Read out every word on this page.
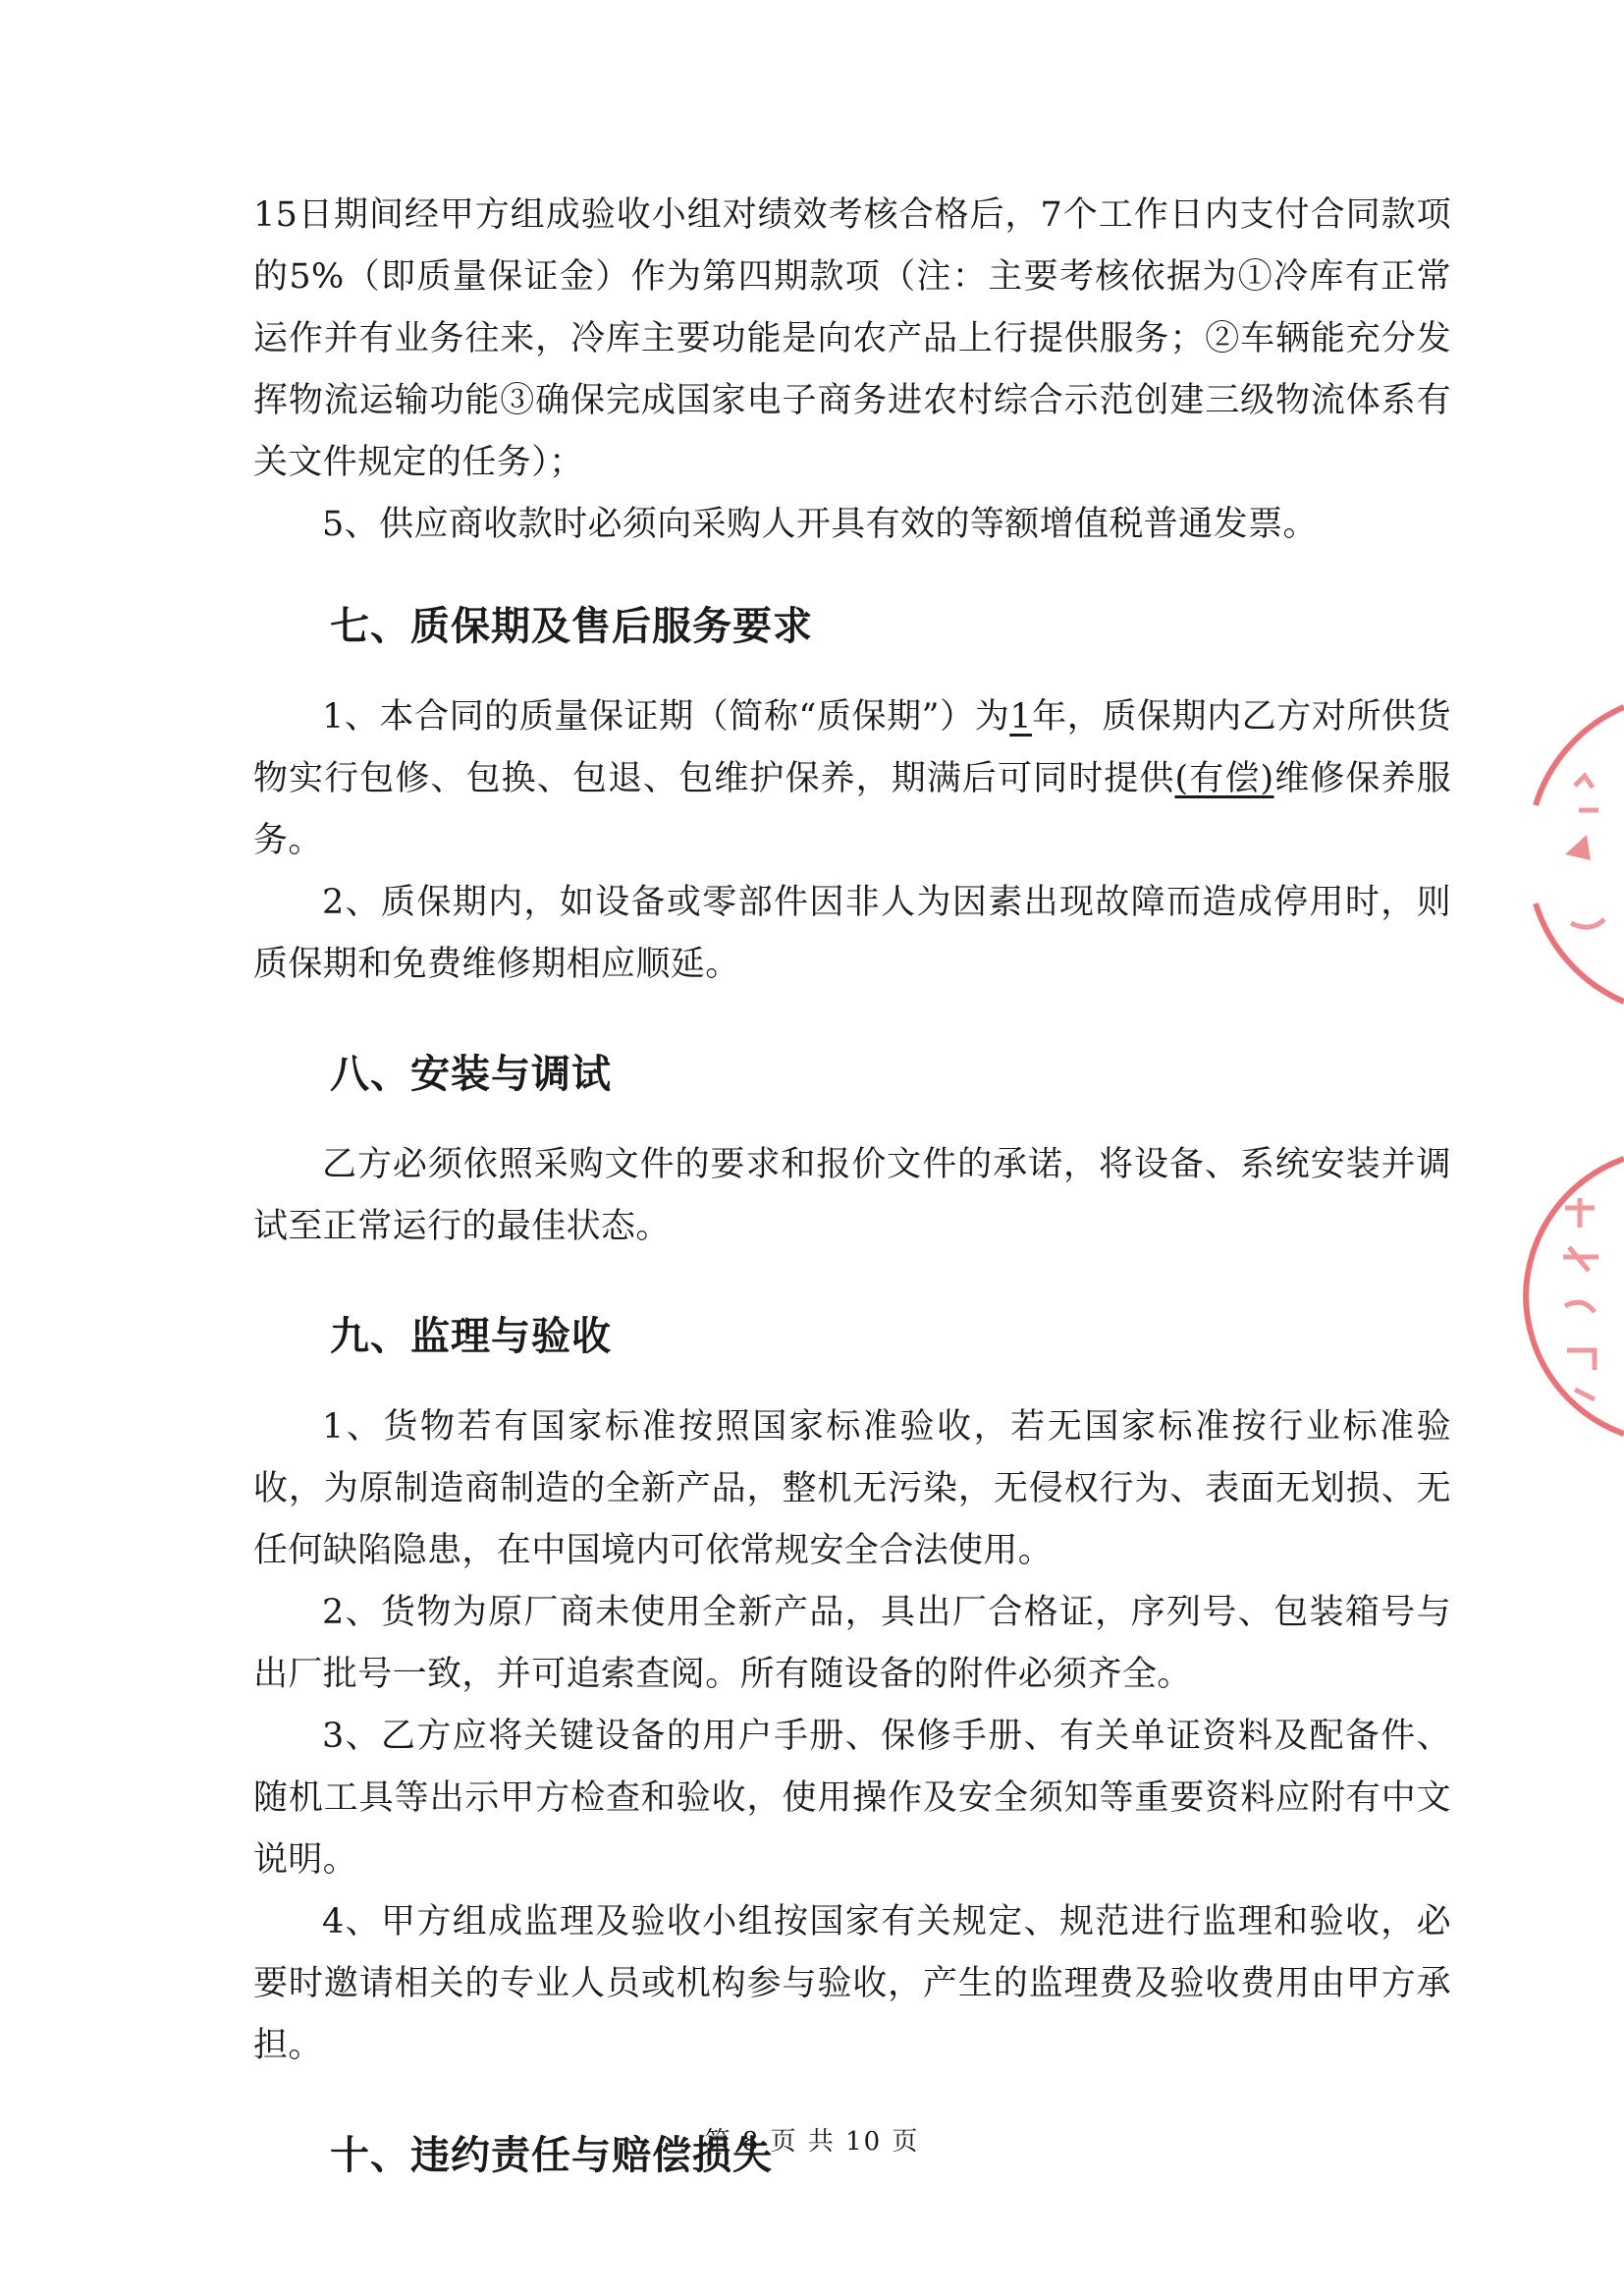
15日期间经甲方组成验收小组对绩效考核合格后，7个工作日内支付合同款项的5%（即质量保证金）作为第四期款项（注：主要考核依据为①冷库有正常运作并有业务往来，冷库主要功能是向农产品上行提供服务；②车辆能充分发挥物流运输功能③确保完成国家电子商务进农村综合示范创建三级物流体系有关文件规定的任务）；

5、供应商收款时必须向采购人开具有效的等额增值税普通发票。

七、质保期及售后服务要求

1、本合同的质量保证期（简称“质保期”）为1年，质保期内乙方对所供货物实行包修、包换、包退、包维护保养，期满后可同时提供(有偿)维修保养服务。

2、质保期内，如设备或零部件因非人为因素出现故障而造成停用时，则质保期和免费维修期相应顺延。

八、安装与调试

乙方必须依照采购文件的要求和报价文件的承诺，将设备、系统安装并调试至正常运行的最佳状态。

九、监理与验收

1、货物若有国家标准按照国家标准验收，若无国家标准按行业标准验收，为原制造商制造的全新产品，整机无污染，无侵权行为、表面无划损、无任何缺陷隐患，在中国境内可依常规安全合法使用。

2、货物为原厂商未使用全新产品，具出厂合格证，序列号、包装箱号与出厂批号一致，并可追索查阅。所有随设备的附件必须齐全。

3、乙方应将关键设备的用户手册、保修手册、有关单证资料及配备件、随机工具等出示甲方检查和验收，使用操作及安全须知等重要资料应附有中文说明。

4、甲方组成监理及验收小组按国家有关规定、规范进行监理和验收，必要时邀请相关的专业人员或机构参与验收，产生的监理费及验收费用由甲方承担。

十、违约责任与赔偿损失
第 8 页 共 10 页
